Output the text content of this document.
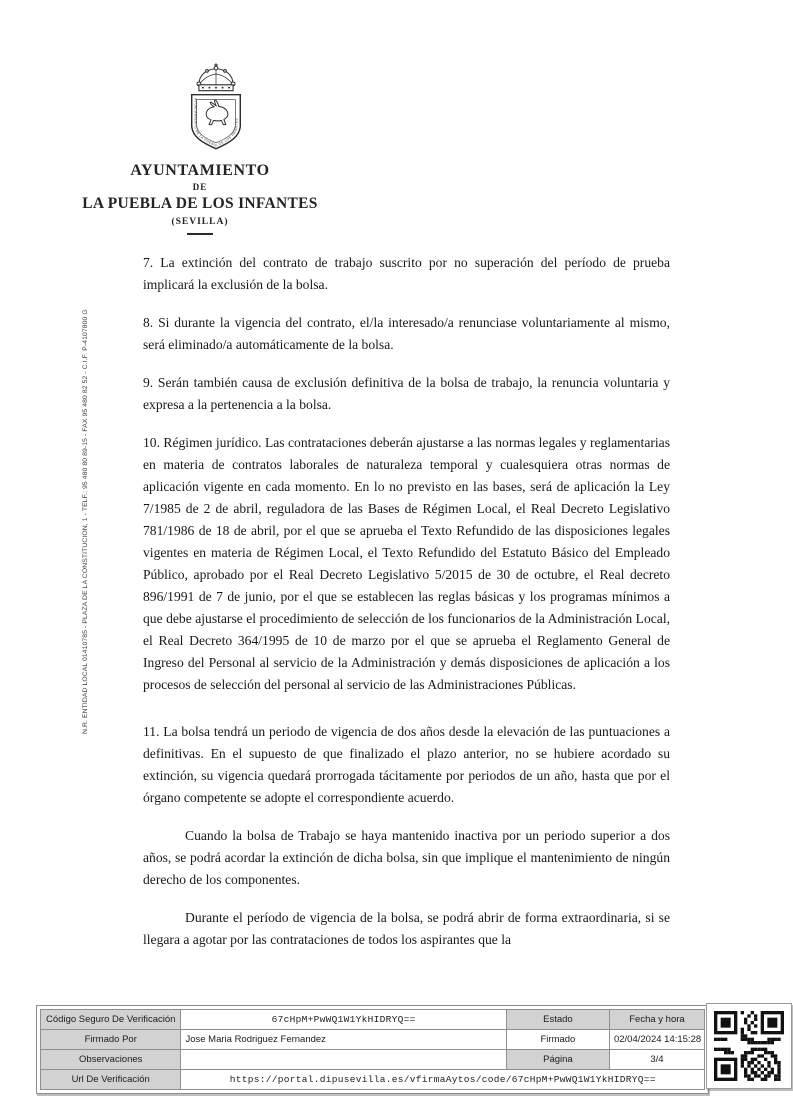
AYUNTAMIENTO DE LA PUEBLA DE LOS INFANTES
AYUNTAMIENTO
DE
LA PUEBLA DE LOS INFANTES
(SEVILLA)
N.R. ENTIDAD LOCAL 01410785 - PLAZA DE LA CONSTITUCION, 1 - TELF.: 95 480 80 89-15 - FAX 95 480 82 52 - C.I.F. P-4107800 G

7. La extinción del contrato de trabajo suscrito por no superación del período de prueba implicará la exclusión de la bolsa.

8. Si durante la vigencia del contrato, el/la interesado/a renunciase voluntariamente al mismo, será eliminado/a automáticamente de la bolsa.

9. Serán también causa de exclusión definitiva de la bolsa de trabajo, la renuncia voluntaria y expresa a la pertenencia a la bolsa.

10. Régimen jurídico. Las contrataciones deberán ajustarse a las normas legales y reglamentarias en materia de contratos laborales de naturaleza temporal y cualesquiera otras normas de aplicación vigente en cada momento. En lo no previsto en las bases, será de aplicación la Ley 7/1985 de 2 de abril, reguladora de las Bases de Régimen Local, el Real Decreto Legislativo 781/1986 de 18 de abril, por el que se aprueba el Texto Refundido de las disposiciones legales vigentes en materia de Régimen Local, el Texto Refundido del Estatuto Básico del Empleado Público, aprobado por el Real Decreto Legislativo 5/2015 de 30 de octubre, el Real decreto 896/1991 de 7 de junio, por el que se establecen las reglas básicas y los programas mínimos a que debe ajustarse el procedimiento de selección de los funcionarios de la Administración Local, el Real Decreto 364/1995 de 10 de marzo por el que se aprueba el Reglamento General de Ingreso del Personal al servicio de la Administración y demás disposiciones de aplicación a los procesos de selección del personal al servicio de las Administraciones Públicas.

11. La bolsa tendrá un periodo de vigencia de dos años desde la elevación de las puntuaciones a definitivas. En el supuesto de que finalizado el plazo anterior, no se hubiere acordado su extinción, su vigencia quedará prorrogada tácitamente por periodos de un año, hasta que por el órgano competente se adopte el correspondiente acuerdo.

Cuando la bolsa de Trabajo se haya mantenido inactiva por un periodo superior a dos años, se podrá acordar la extinción de dicha bolsa, sin que implique el mantenimiento de ningún derecho de los componentes.

Durante el período de vigencia de la bolsa, se podrá abrir de forma extraordinaria, si se llegara a agotar por las contrataciones de todos los aspirantes que la

Código Seguro De Verificación	67cHpM+PwWQ1W1YkHIDRYQ==	Estado	Fecha y hora
Firmado Por	Jose Maria Rodriguez Fernandez	Firmado	02/04/2024 14:15:28
Observaciones		Página	3/4
Url De Verificación	https://portal.dipusevilla.es/vfirmaAytos/code/67cHpM+PwWQ1W1YkHIDRYQ==		
